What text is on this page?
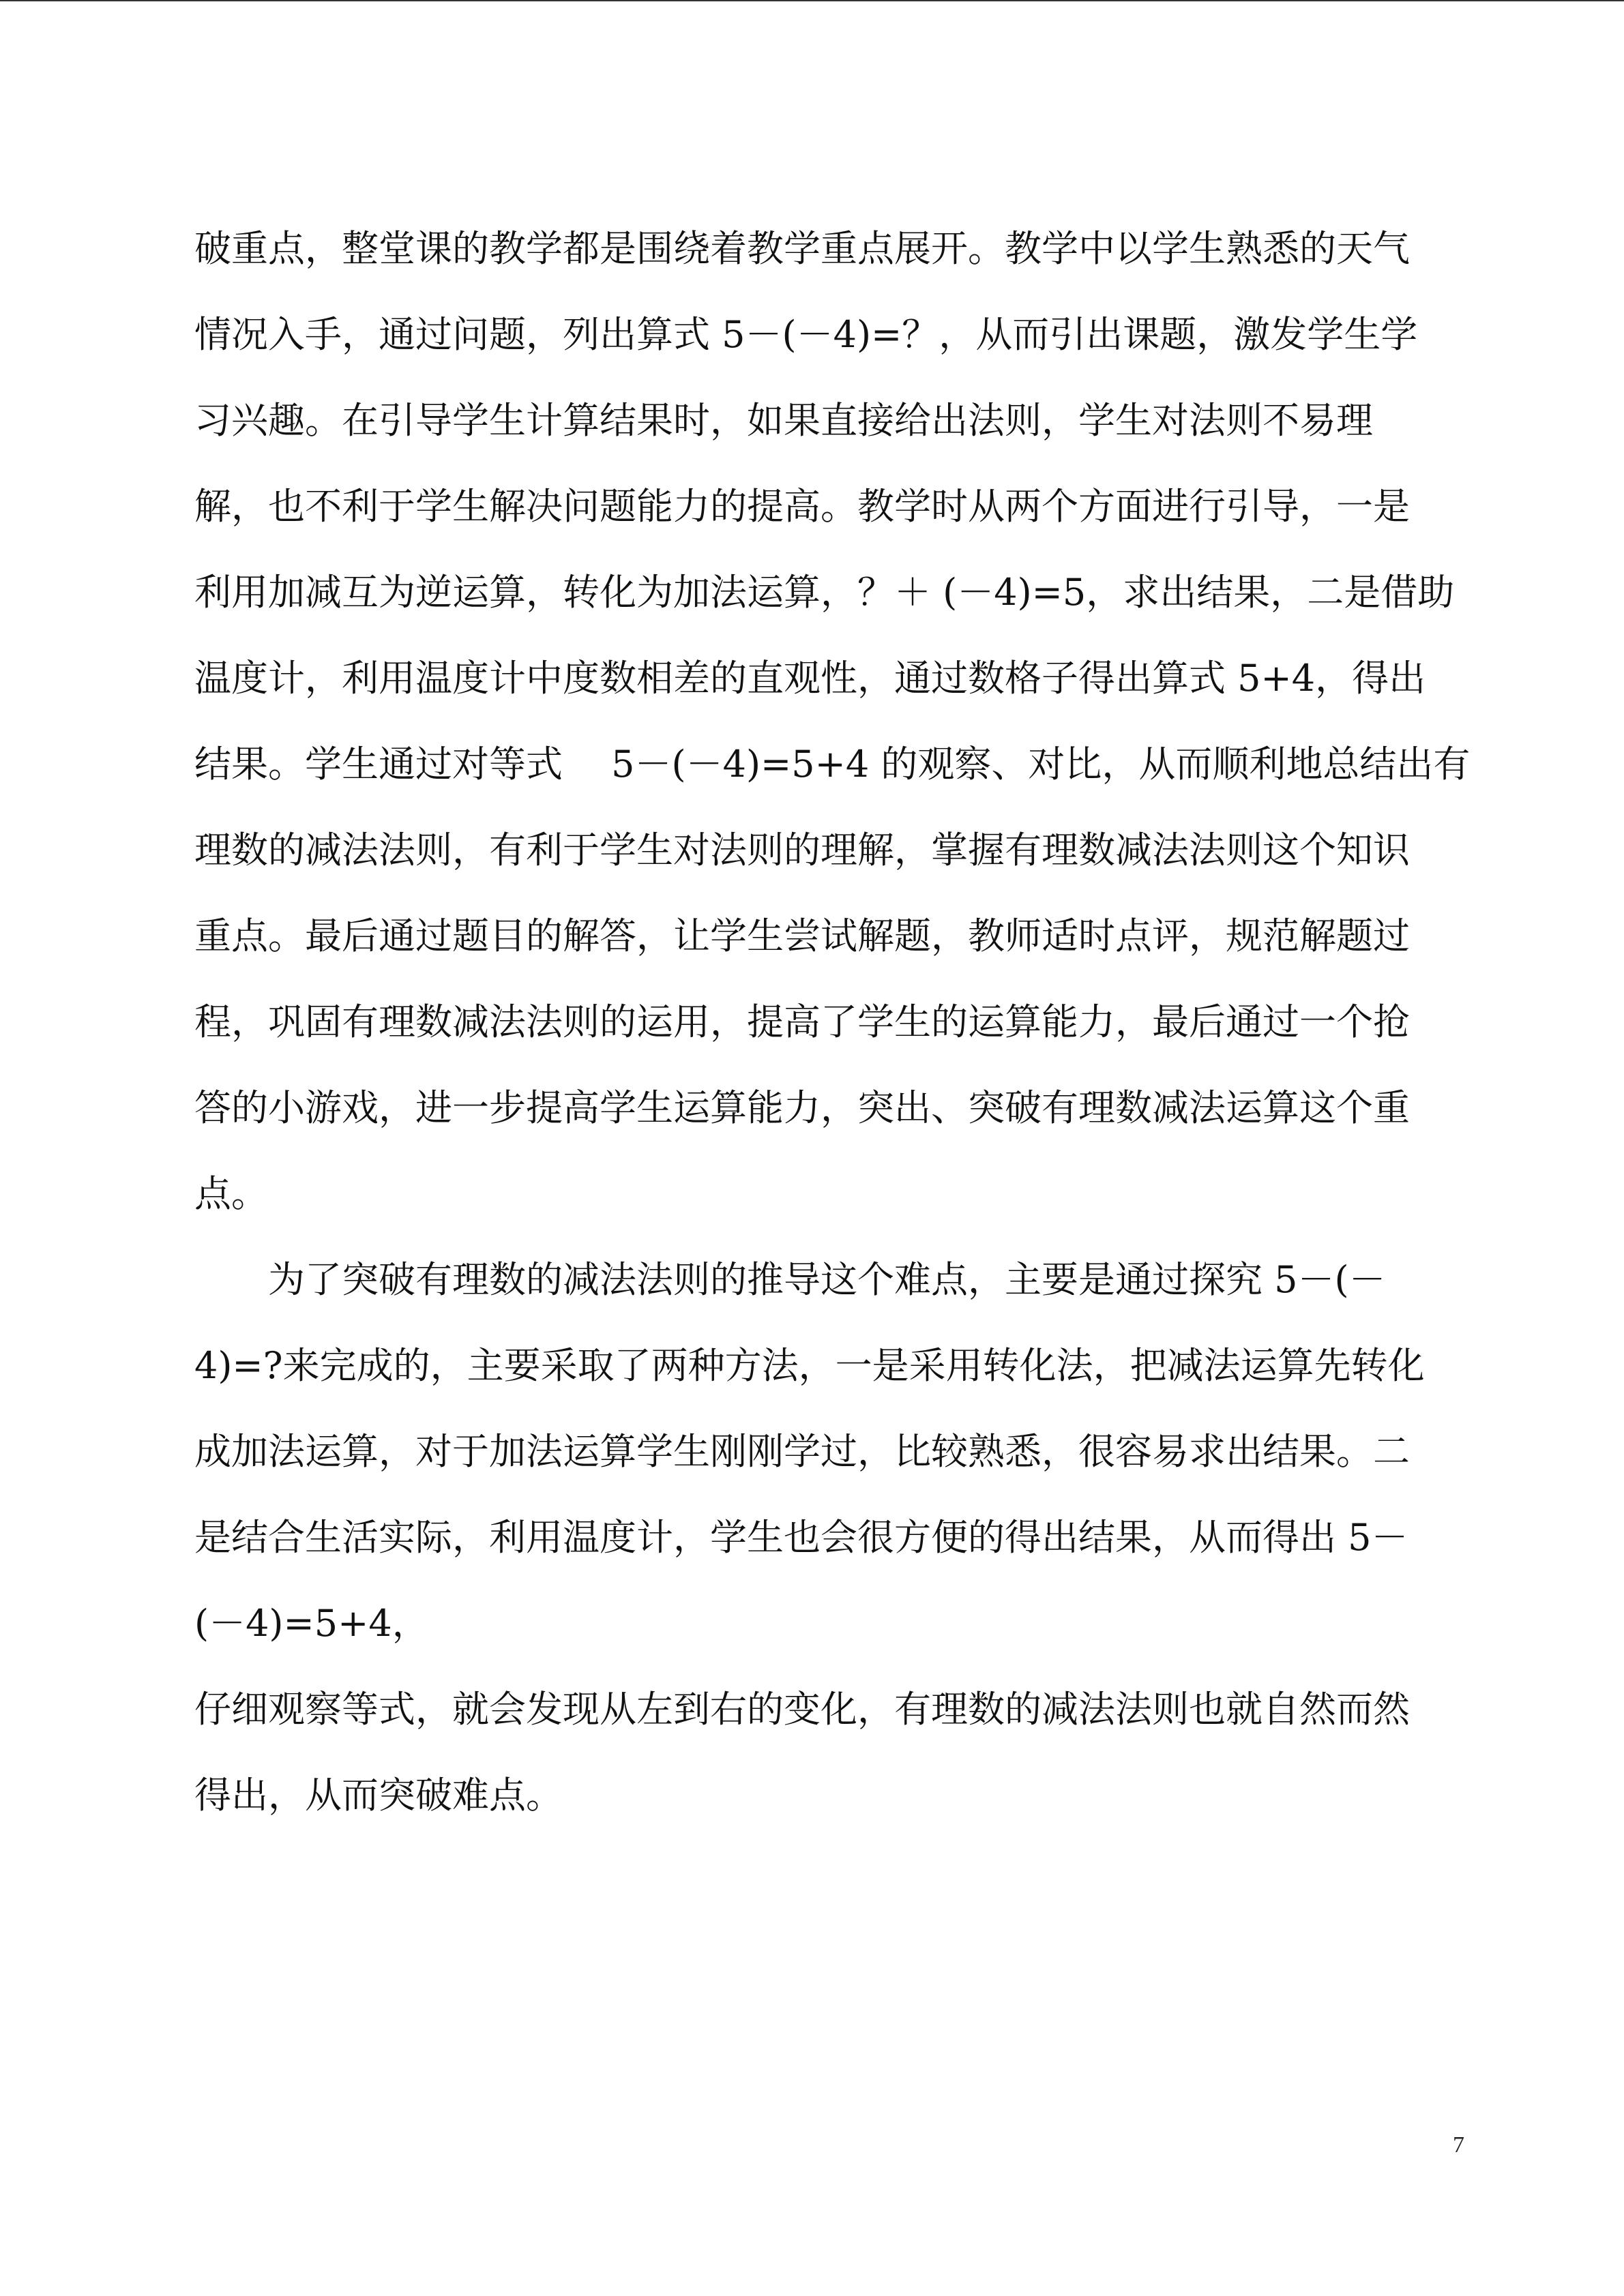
破重点，整堂课的教学都是围绕着教学重点展开。教学中以学生熟悉的天气
情况入手，通过问题，列出算式 5－(－4)=？，从而引出课题，激发学生学
习兴趣。在引导学生计算结果时，如果直接给出法则，学生对法则不易理
解，也不利于学生解决问题能力的提高。教学时从两个方面进行引导，一是
利用加减互为逆运算，转化为加法运算，？＋ (－4)=5，求出结果，二是借助
温度计，利用温度计中度数相差的直观性，通过数格子得出算式 5+4，得出
结果。学生通过对等式　 5－(－4)=5+4 的观察、对比，从而顺利地总结出有
理数的减法法则，有利于学生对法则的理解，掌握有理数减法法则这个知识
重点。最后通过题目的解答，让学生尝试解题，教师适时点评，规范解题过
程，巩固有理数减法法则的运用，提高了学生的运算能力，最后通过一个抢
答的小游戏，进一步提高学生运算能力，突出、突破有理数减法运算这个重
点。
为了突破有理数的减法法则的推导这个难点，主要是通过探究 5－(－
4)=?来完成的，主要采取了两种方法，一是采用转化法，把减法运算先转化
成加法运算，对于加法运算学生刚刚学过，比较熟悉，很容易求出结果。二
是结合生活实际，利用温度计，学生也会很方便的得出结果，从而得出 5－
(－4)=5+4，
仔细观察等式，就会发现从左到右的变化，有理数的减法法则也就自然而然
得出，从而突破难点。
7
